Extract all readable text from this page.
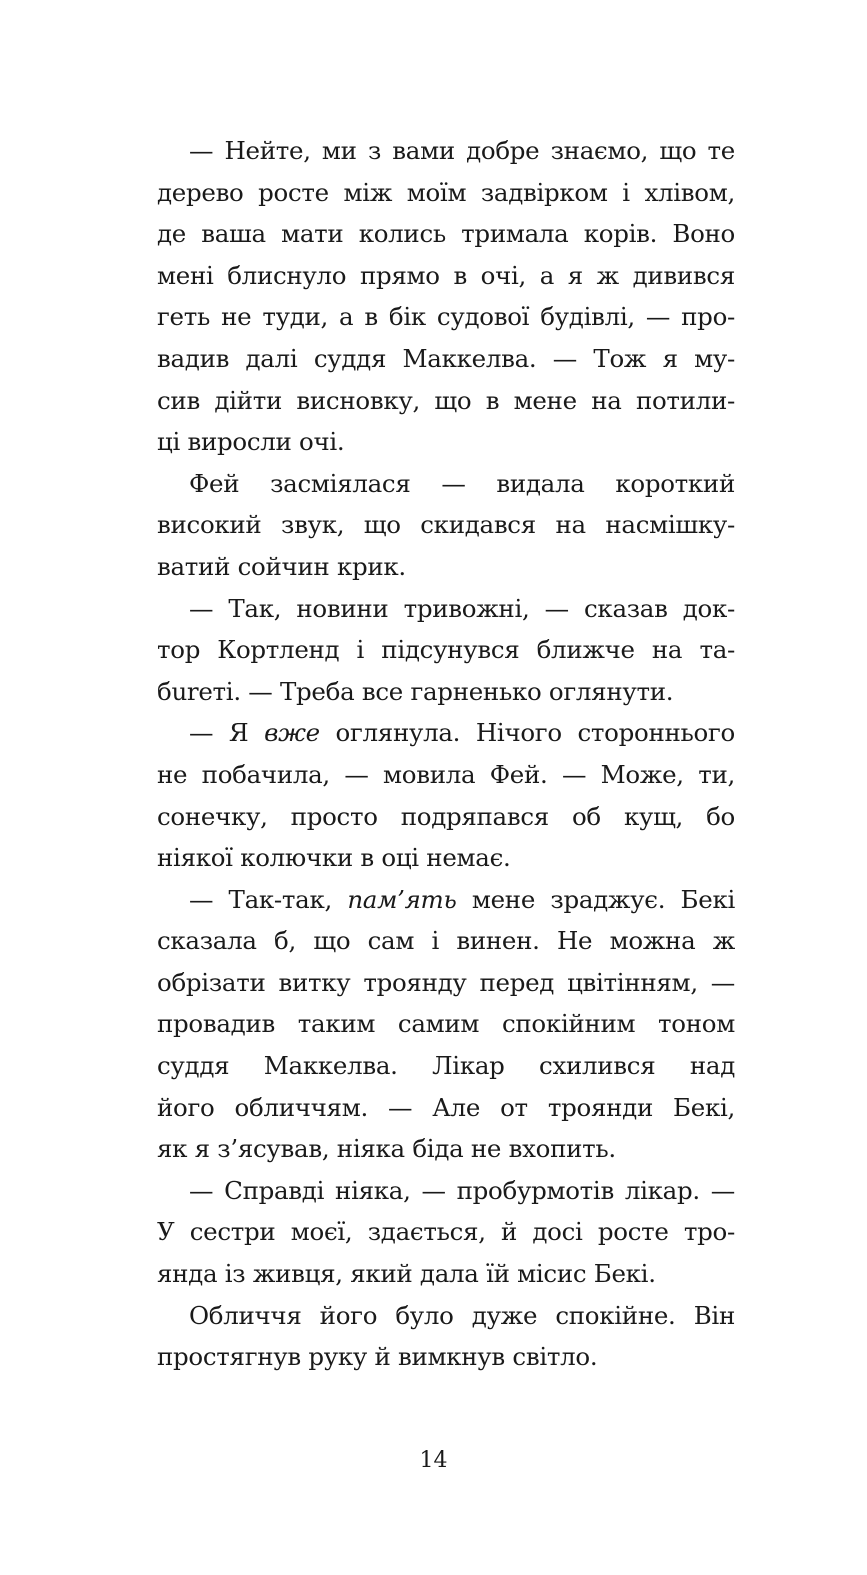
— Нейте, ми з вами добре знаємо, що те
дерево росте між моїм задвірком і хлівом,
де ваша мати колись тримала корів. Воно
мені блиснуло прямо в очі, а я ж дивився
геть не туди, а в бік судової будівлі, — про-
вадив далі суддя Маккелва. — Тож я му-
сив дійти висновку, що в мене на потили-
ці виросли очі.
Фей засміялася — видала короткий
високий звук, що скидався на насмішку-
ватий сойчин крик.
— Так, новини тривожні, — сказав док-
тор Кортленд і підсунувся ближче на та-
бureті. — Треба все гарненько оглянути.
— Я вже оглянула. Нічого стороннього
не побачила, — мовила Фей. — Може, ти,
сонечку, просто подряпався об кущ, бо
ніякої колючки в оці немає.
— Так-так, пам’ять мене зраджує. Бекі
сказала б, що сам і винен. Не можна ж
обрізати витку троянду перед цвітінням, —
провадив таким самим спокійним тоном
суддя Маккелва. Лікар схилився над
його обличчям. — Але от троянди Бекі,
як я з’ясував, ніяка біда не вхопить.
— Справді ніяка, — пробурмотів лікар. —
У сестри моєї, здається, й досі росте тро-
янда із живця, який дала їй місис Бекі.
Обличчя його було дуже спокійне. Він
простягнув руку й вимкнув світло.
14
